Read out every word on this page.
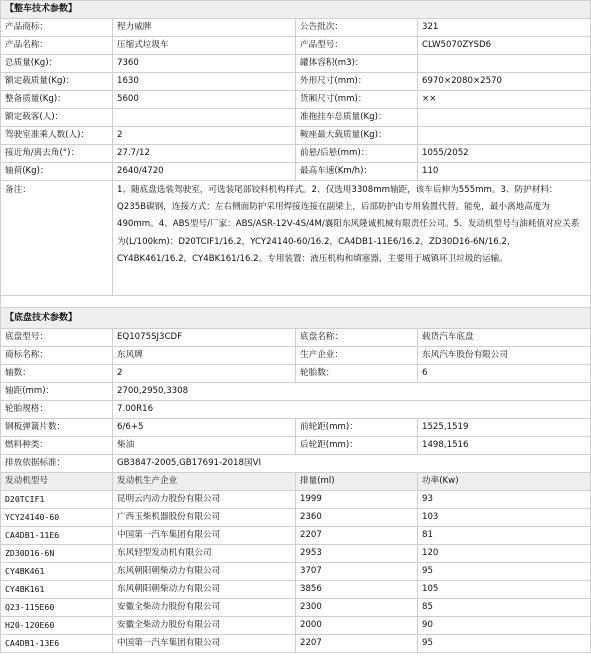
【整车技术参数】			
产品商标：	程力威牌	公告批次：	321
产品名称：	压缩式垃圾车	产品型号：	CLW5070ZYSD6
总质量(Kg)：	7360	罐体容积(m3)：	
额定载质量(Kg)：	1630	外形尺寸(mm)：	6970×2080×2570
整备质量(Kg)：	5600	货厢尺寸(mm)：	××
额定载客(人)：		准拖挂车总质量(Kg)：	
驾驶室准乘人数(人)：	2	鞍座最大载质量(Kg)：	
接近角/离去角(°)：	27.7/12	前悬/后悬(mm)：	1055/2052
轴荷(Kg)：	2640/4720	最高车速(Km/h)：	110
备注：	1、随底盘选装驾驶室，可选装尾部铰料机构样式。2、仅选用3308mm轴距，该车后伸为555mm。3、防护材料：Q235B碳钢，连接方式：左右侧面防护采用焊接连接在副梁上，后部防护由专用装置代替。能免，最小离地高度为490mm。4、ABS型号/厂家：ABS/ASR-12V-4S/4M/襄阳东风隆诚机械有限责任公司。5、发动机型号与油耗值对应关系为(L/100km)：D20TCIF1/16.2，YCY24140-60/16.2，CA4DB1-11E6/16.2，ZD30D16-6N/16.2，CY4BK461/16.2，CY4BK161/16.2。专用装置：液压机构和填塞器，主要用于城镇环卫垃圾的运输。		

【底盘技术参数】			
底盘型号：	EQ1075SJ3CDF	底盘名称：	载货汽车底盘
商标名称：	东风牌	生产企业：	东风汽车股份有限公司
轴数：	2	轮胎数：	6
轴距(mm)：	2700,2950,3308		
轮胎规格：	7.00R16		
钢板弹簧片数：	6/6+5	前轮距(mm)：	1525,1519
燃料种类：	柴油	后轮距(mm)：	1498,1516
排放依据标准：	GB3847-2005,GB17691-2018国VI		
发动机型号	发动机生产企业	排量(ml)	功率(Kw)
D20TCIF1	昆明云内动力股份有限公司	1999	93
YCY24140-60	广西玉柴机器股份有限公司	2360	103
CA4DB1-11E6	中国第一汽车集团有限公司	2207	81
ZD30D16-6N	东风轻型发动机有限公司	2953	120
CY4BK461	东风朝阳朝柴动力有限公司	3707	95
CY4BK161	东风朝阳朝柴动力有限公司	3856	105
Q23-115E60	安徽全柴动力股份有限公司	2300	85
H20-120E60	安徽全柴动力股份有限公司	2000	90
CA4DB1-13E6	中国第一汽车集团有限公司	2207	95
